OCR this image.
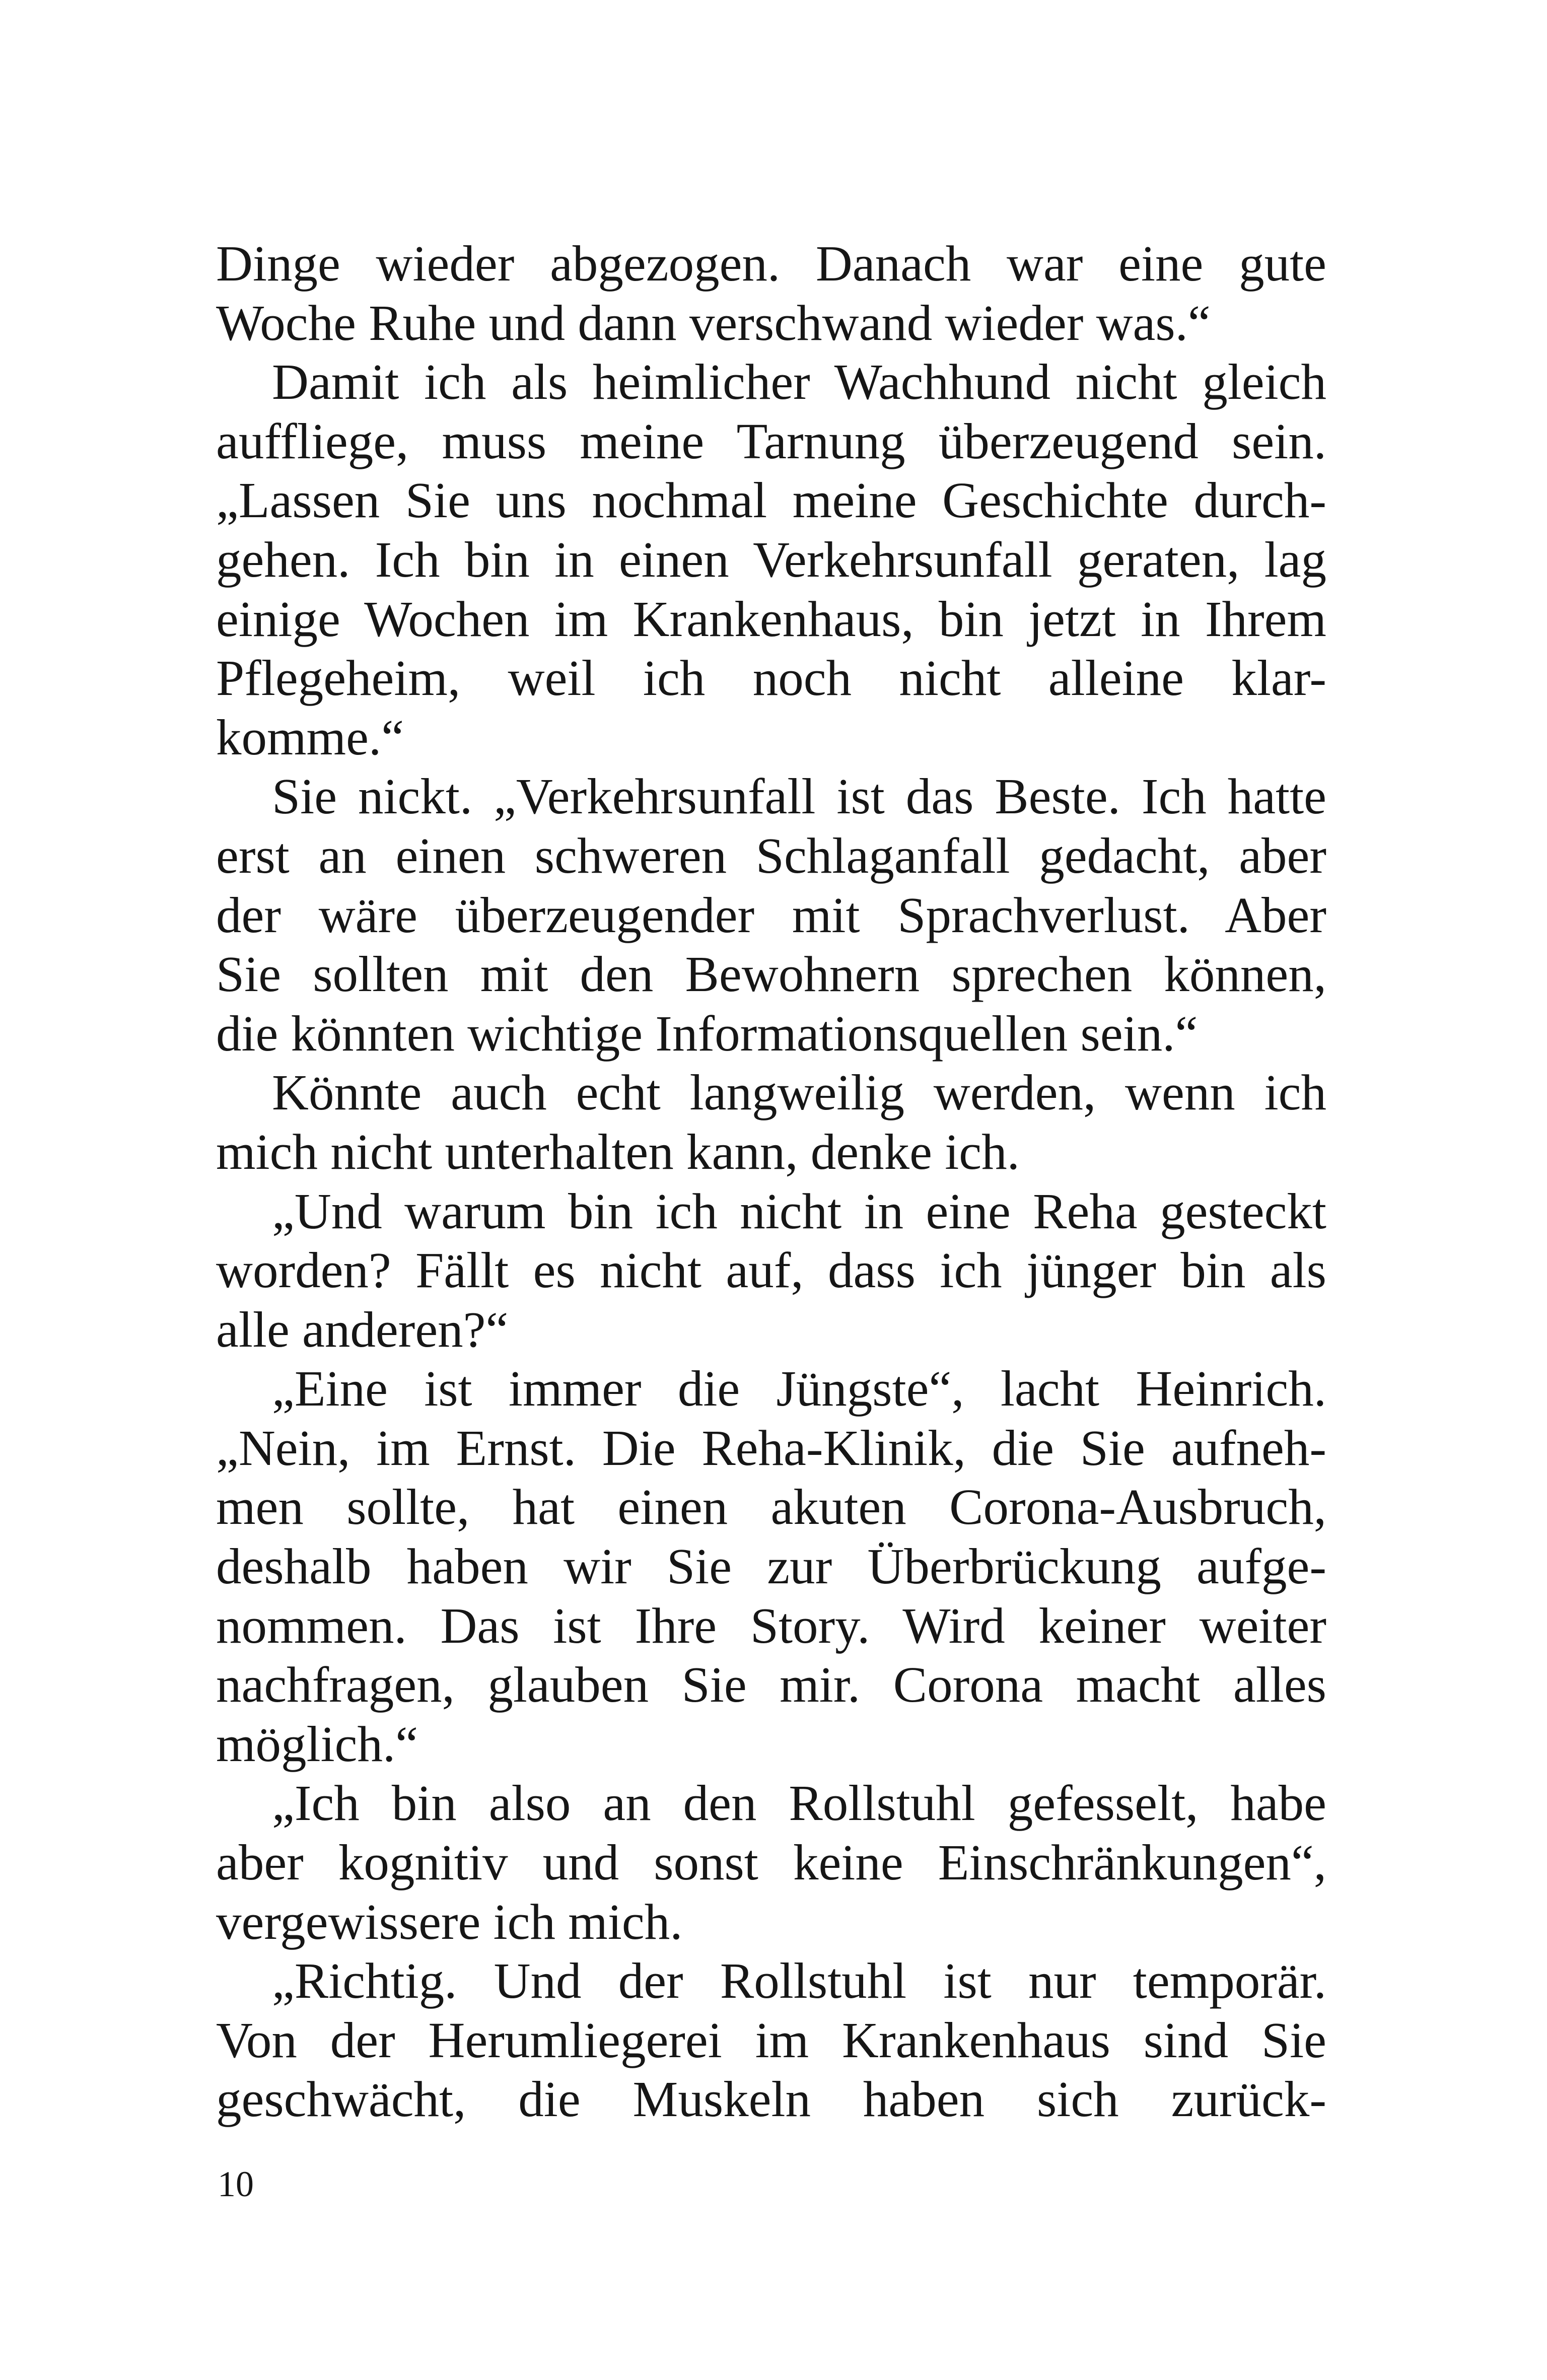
Dinge wieder abgezogen. Danach war eine gute
Woche Ruhe und dann verschwand wieder was.“
Damit ich als heimlicher Wachhund nicht gleich
auffliege, muss meine Tarnung überzeugend sein.
„Lassen Sie uns nochmal meine Geschichte durch-
gehen. Ich bin in einen Verkehrsunfall geraten, lag
einige Wochen im Krankenhaus, bin jetzt in Ihrem
Pflegeheim, weil ich noch nicht alleine klar-
komme.“
Sie nickt. „Verkehrsunfall ist das Beste. Ich hatte
erst an einen schweren Schlaganfall gedacht, aber
der wäre überzeugender mit Sprachverlust. Aber
Sie sollten mit den Bewohnern sprechen können,
die könnten wichtige Informationsquellen sein.“
Könnte auch echt langweilig werden, wenn ich
mich nicht unterhalten kann, denke ich.
„Und warum bin ich nicht in eine Reha gesteckt
worden? Fällt es nicht auf, dass ich jünger bin als
alle anderen?“
„Eine ist immer die Jüngste“, lacht Heinrich.
„Nein, im Ernst. Die Reha-Klinik, die Sie aufneh-
men sollte, hat einen akuten Corona-Ausbruch,
deshalb haben wir Sie zur Überbrückung aufge-
nommen. Das ist Ihre Story. Wird keiner weiter
nachfragen, glauben Sie mir. Corona macht alles
möglich.“
„Ich bin also an den Rollstuhl gefesselt, habe
aber kognitiv und sonst keine Einschränkungen“,
vergewissere ich mich.
„Richtig. Und der Rollstuhl ist nur temporär.
Von der Herumliegerei im Krankenhaus sind Sie
geschwächt, die Muskeln haben sich zurück-
10
